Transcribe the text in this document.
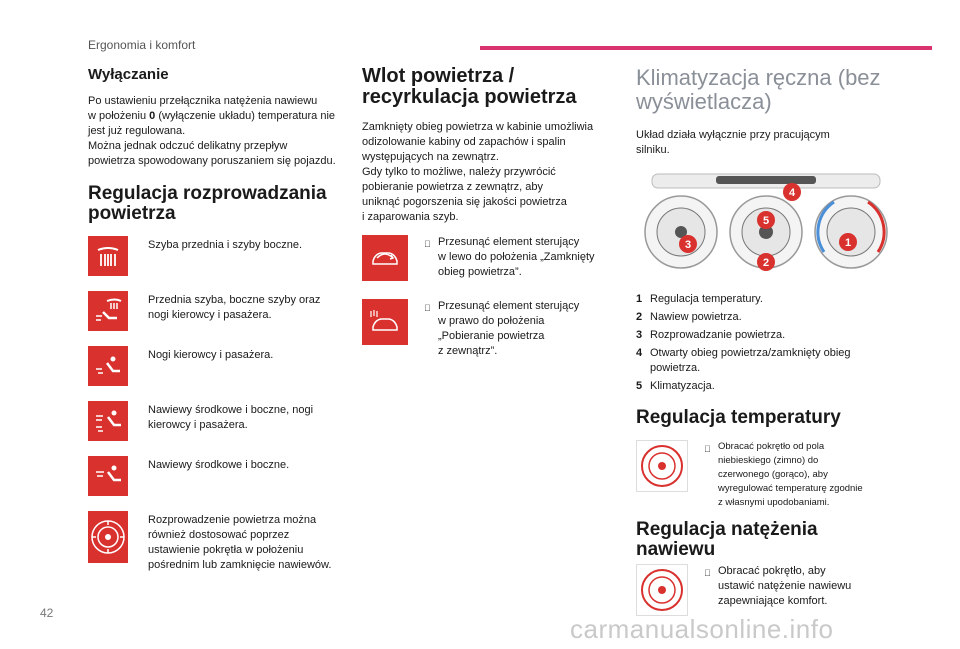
Ergonomia i komfort
Wyłączanie

Po ustawieniu przełącznika natężenia nawiewu
w położeniu 0 (wyłączenie układu) temperatura nie
jest już regulowana.
Można jednak odczuć delikatny przepływ
powietrza spowodowany poruszaniem się pojazdu.

Regulacja rozprowadzania
powietrza
Szyba przednia i szyby boczne.
Przednia szyba, boczne szyby oraz
nogi kierowcy i pasażera.
Nogi kierowcy i pasażera.
Nawiewy środkowe i boczne, nogi
kierowcy i pasażera.
Nawiewy środkowe i boczne.
Rozprowadzenie powietrza można
również dostosować poprzez
ustawienie pokrętła w położeniu
pośrednim lub zamknięcie nawiewów.
Wlot powietrza /
recyrkulacja powietrza

Zamknięty obieg powietrza w kabinie umożliwia
odizolowanie kabiny od zapachów i spalin
występujących na zewnątrz.
Gdy tylko to możliwe, należy przywrócić
pobieranie powietrza z zewnątrz, aby
uniknąć pogorszenia się jakości powietrza
i zaparowania szyb.

Przesunąć element sterujący
w lewo do położenia „Zamknięty
obieg powietrza”.
Przesunąć element sterujący
w prawo do położenia
„Pobieranie powietrza
z zewnątrz”.
Klimatyzacja ręczna (bez
wyświetlacza)

Układ działa wyłącznie przy pracującym
silniku.

1
2
3
4
5
1 Regulacja temperatury.
2 Nawiew powietrza.
3 Rozprowadzanie powietrza.
4 Otwarty obieg powietrza/zamknięty obieg
powietrza.
5 Klimatyzacja.
Regulacja temperatury
Obracać pokrętło od pola
niebieskiego (zimno) do
czerwonego (gorąco), aby
wyregulować temperaturę zgodnie
z własnymi upodobaniami.
Regulacja natężenia
nawiewu
Obracać pokrętło, aby
ustawić natężenie nawiewu
zapewniające komfort.
42
carmanualsonline.info
